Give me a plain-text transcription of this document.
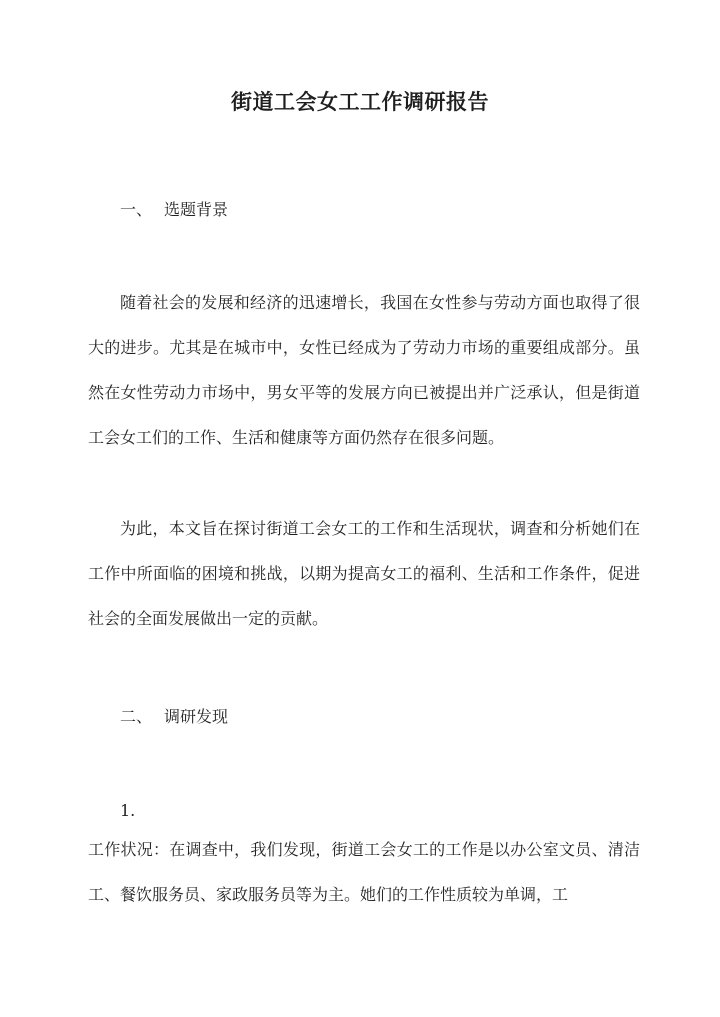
街道工会女工工作调研报告
一、 选题背景
随着社会的发展和经济的迅速增长，我国在女性参与劳动方面也取得了很大的进步。尤其是在城市中，女性已经成为了劳动力市场的重要组成部分。虽然在女性劳动力市场中，男女平等的发展方向已被提出并广泛承认，但是街道工会女工们的工作、生活和健康等方面仍然存在很多问题。
为此，本文旨在探讨街道工会女工的工作和生活现状，调查和分析她们在工作中所面临的困境和挑战，以期为提高女工的福利、生活和工作条件，促进社会的全面发展做出一定的贡献。
二、 调研发现
1.
工作状况：在调查中，我们发现，街道工会女工的工作是以办公室文员、清洁工、餐饮服务员、家政服务员等为主。她们的工作性质较为单调，工
